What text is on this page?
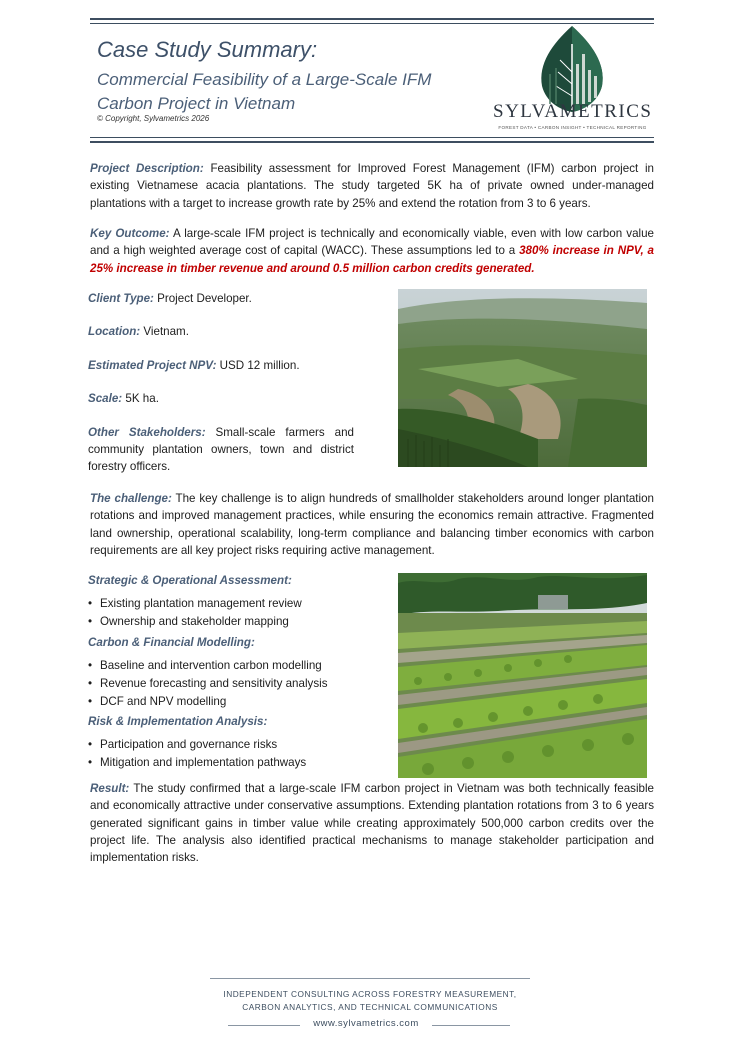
Case Study Summary:
Commercial Feasibility of a Large-Scale IFM
Carbon Project in Vietnam
© Copyright, Sylvametrics 2026	SYLVAMETRICS
FOREST DATA • CARBON INSIGHT • TECHNICAL REPORTING
Project Description: Feasibility assessment for Improved Forest Management (IFM) carbon project in existing Vietnamese acacia plantations. The study targeted 5K ha of private owned under-managed plantations with a target to increase growth rate by 25% and extend the rotation from 3 to 6 years.
Key Outcome: A large-scale IFM project is technically and economically viable, even with low carbon value and a high weighted average cost of capital (WACC). These assumptions led to a 380% increase in NPV, a 25% increase in timber revenue and around 0.5 million carbon credits generated.
Client Type: Project Developer.
Location: Vietnam.
Estimated Project NPV: USD 12 million.
Scale: 5K ha.
Other Stakeholders: Small-scale farmers and community plantation owners, town and district forestry officers.
The challenge: The key challenge is to align hundreds of smallholder stakeholders around longer plantation rotations and improved management practices, while ensuring the economics remain attractive. Fragmented land ownership, operational scalability, long-term compliance and balancing timber economics with carbon requirements are all key project risks requiring active management.
Strategic & Operational Assessment:
• Existing plantation management review
• Ownership and stakeholder mapping
Carbon & Financial Modelling:
• Baseline and intervention carbon modelling
• Revenue forecasting and sensitivity analysis
• DCF and NPV modelling
Risk & Implementation Analysis:
• Participation and governance risks
• Mitigation and implementation pathways
Result: The study confirmed that a large-scale IFM carbon project in Vietnam was both technically feasible and economically attractive under conservative assumptions. Extending plantation rotations from 3 to 6 years generated significant gains in timber value while creating approximately 500,000 carbon credits over the project life. The analysis also identified practical mechanisms to manage stakeholder participation and implementation risks.
INDEPENDENT CONSULTING ACROSS FORESTRY MEASUREMENT,
CARBON ANALYTICS, AND TECHNICAL COMMUNICATIONS
www.sylvametrics.com
